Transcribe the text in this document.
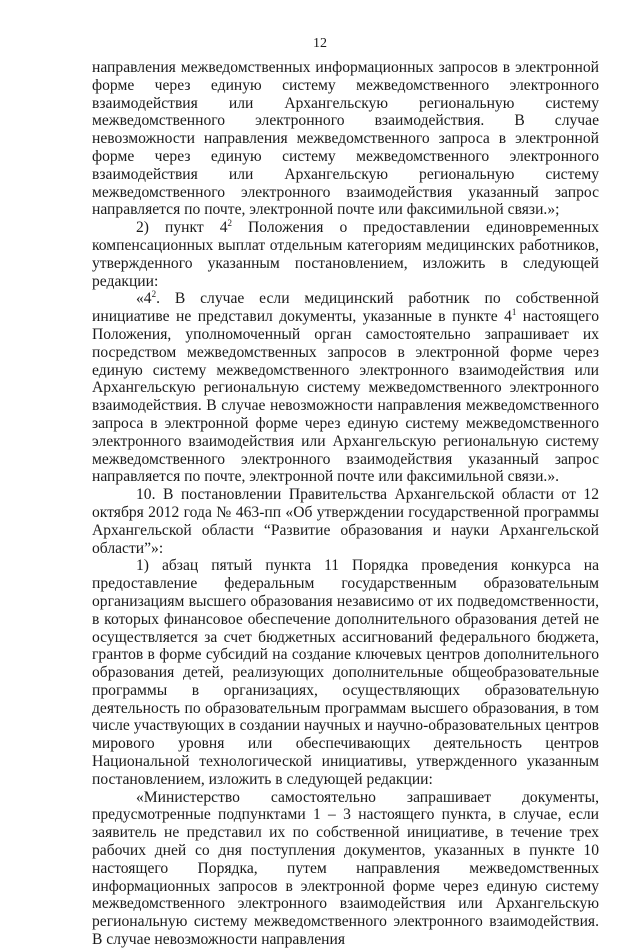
12

направления межведомственных информационных запросов в электронной форме через единую систему межведомственного электронного взаимодействия или Архангельскую региональную систему межведомственного электронного взаимодействия. В случае невозможности направления межведомственного запроса в электронной форме через единую систему межведомственного электронного взаимодействия или Архангельскую региональную систему межведомственного электронного взаимодействия указанный запрос направляется по почте, электронной почте или факсимильной связи.»;

2) пункт $4^2$ Положения о предоставлении единовременных компенсационных выплат отдельным категориям медицинских работников, утвержденного указанным постановлением, изложить в следующей редакции:

«$4^2$. В случае если медицинский работник по собственной инициативе не представил документы, указанные в пункте $4^1$ настоящего Положения, уполномоченный орган самостоятельно запрашивает их посредством межведомственных запросов в электронной форме через единую систему межведомственного электронного взаимодействия или Архангельскую региональную систему межведомственного электронного взаимодействия. В случае невозможности направления межведомственного запроса в электронной форме через единую систему межведомственного электронного взаимодействия или Архангельскую региональную систему межведомственного электронного взаимодействия указанный запрос направляется по почте, электронной почте или факсимильной связи.».

10. В постановлении Правительства Архангельской области от 12 октября 2012 года № 463-пп «Об утверждении государственной программы Архангельской области “Развитие образования и науки Архангельской области”»:

1) абзац пятый пункта 11 Порядка проведения конкурса на предоставление федеральным государственным образовательным организациям высшего образования независимо от их подведомственности, в которых финансовое обеспечение дополнительного образования детей не осуществляется за счет бюджетных ассигнований федерального бюджета, грантов в форме субсидий на создание ключевых центров дополнительного образования детей, реализующих дополнительные общеобразовательные программы в организациях, осуществляющих образовательную деятельность по образовательным программам высшего образования, в том числе участвующих в создании научных и научно-образовательных центров мирового уровня или обеспечивающих деятельность центров Национальной технологической инициативы, утвержденного указанным постановлением, изложить в следующей редакции:

«Министерство самостоятельно запрашивает документы, предусмотренные подпунктами 1 – 3 настоящего пункта, в случае, если заявитель не представил их по собственной инициативе, в течение трех рабочих дней со дня поступления документов, указанных в пункте 10 настоящего Порядка, путем направления межведомственных информационных запросов в электронной форме через единую систему межведомственного электронного взаимодействия или Архангельскую региональную систему межведомственного электронного взаимодействия. В случае невозможности направления
